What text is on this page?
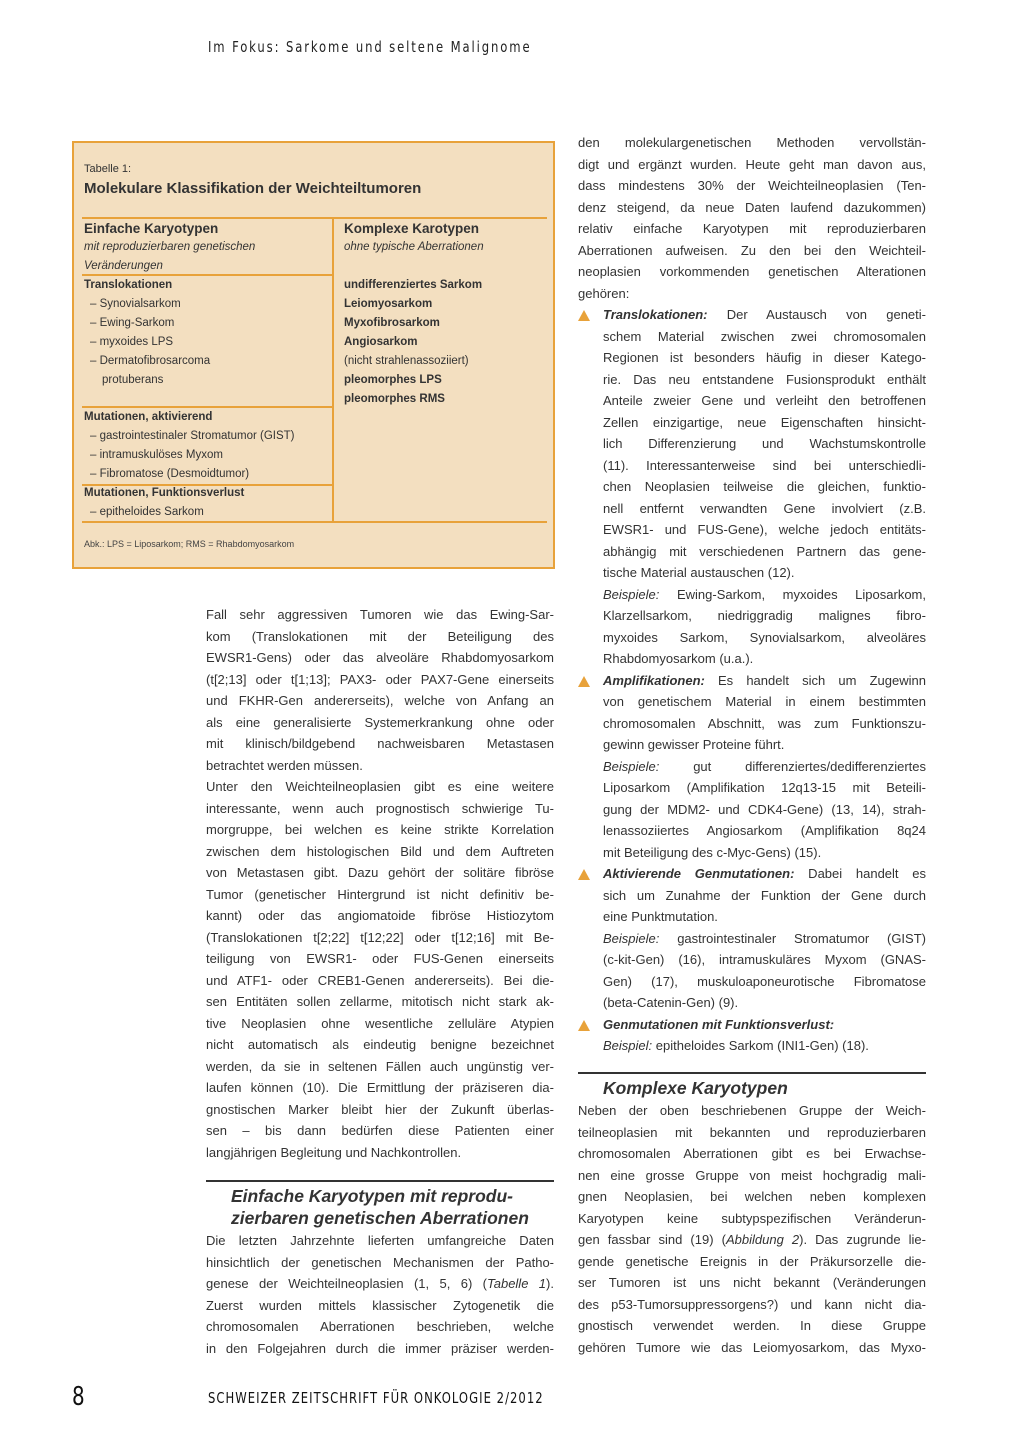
Im Fokus: Sarkome und seltene Malignome
Tabelle 1:
Molekulare Klassifikation der Weichteiltumoren
Einfache Karyotypen
mit reproduzierbaren genetischen
Veränderungen
Komplexe Karotypen
ohne typische Aberrationen
Translokationen
– Synovialsarkom
– Ewing-Sarkom
– myxoides LPS
– Dermatofibrosarcoma
protuberans
Mutationen, aktivierend
– gastrointestinaler Stromatumor (GIST)
– intramuskulöses Myxom
– Fibromatose (Desmoidtumor)
Mutationen, Funktionsverlust
– epitheloides Sarkom
undifferenziertes Sarkom
Leiomyosarkom
Myxofibrosarkom
Angiosarkom
(nicht strahlenassoziiert)
pleomorphes LPS
pleomorphes RMS
Abk.: LPS = Liposarkom; RMS = Rhabdomyosarkom

Fall sehr aggressiven Tumoren wie das Ewing-Sar-

kom (Translokationen mit der Beteiligung des

EWSR1-Gens) oder das alveoläre Rhabdomyosarkom

(t[2;13] oder t[1;13]; PAX3- oder PAX7-Gene einerseits

und FKHR-Gen andererseits), welche von Anfang an

als eine generalisierte Systemerkrankung ohne oder

mit klinisch/bildgebend nachweisbaren Metastasen

betrachtet werden müssen.

Unter den Weichteilneoplasien gibt es eine weitere

interessante, wenn auch prognostisch schwierige Tu-

morgruppe, bei welchen es keine strikte Korrelation

zwischen dem histologischen Bild und dem Auftreten

von Metastasen gibt. Dazu gehört der solitäre fibröse

Tumor (genetischer Hintergrund ist nicht definitiv be-

kannt) oder das angiomatoide fibröse Histiozytom

(Translokationen t[2;22] t[12;22] oder t[12;16] mit Be-

teiligung von EWSR1- oder FUS-Genen einerseits

und ATF1- oder CREB1-Genen andererseits). Bei die-

sen Entitäten sollen zellarme, mitotisch nicht stark ak-

tive Neoplasien ohne wesentliche zelluläre Atypien

nicht automatisch als eindeutig benigne bezeichnet

werden, da sie in seltenen Fällen auch ungünstig ver-

laufen können (10). Die Ermittlung der präziseren dia-

gnostischen Marker bleibt hier der Zukunft überlas-

sen – bis dann bedürfen diese Patienten einer

langjährigen Begleitung und Nachkontrollen.

Einfache Karyotypen mit reprodu-
zierbaren genetischen Aberrationen

Die letzten Jahrzehnte lieferten umfangreiche Daten

hinsichtlich der genetischen Mechanismen der Patho-

genese der Weichteilneoplasien (1, 5, 6) (Tabelle 1).

Zuerst wurden mittels klassischer Zytogenetik die

chromosomalen Aberrationen beschrieben, welche

in den Folgejahren durch die immer präziser werden-

den molekulargenetischen Methoden vervollstän-

digt und ergänzt wurden. Heute geht man davon aus,

dass mindestens 30% der Weichteilneoplasien (Ten-

denz steigend, da neue Daten laufend dazukommen)

relativ einfache Karyotypen mit reproduzierbaren

Aberrationen aufweisen. Zu den bei den Weichteil-

neoplasien vorkommenden genetischen Alterationen

gehören:

Translokationen: Der Austausch von geneti-

schem Material zwischen zwei chromosomalen

Regionen ist besonders häufig in dieser Katego-

rie. Das neu entstandene Fusionsprodukt enthält

Anteile zweier Gene und verleiht den betroffenen

Zellen einzigartige, neue Eigenschaften hinsicht-

lich Differenzierung und Wachstumskontrolle

(11). Interessanterweise sind bei unterschiedli-

chen Neoplasien teilweise die gleichen, funktio-

nell entfernt verwandten Gene involviert (z.B.

EWSR1- und FUS-Gene), welche jedoch entitäts-

abhängig mit verschiedenen Partnern das gene-

tische Material austauschen (12).

Beispiele: Ewing-Sarkom, myxoides Liposarkom,

Klarzellsarkom, niedriggradig malignes fibro-

myxoides Sarkom, Synovialsarkom, alveoläres

Rhabdomyosarkom (u.a.).

Amplifikationen: Es handelt sich um Zugewinn

von genetischem Material in einem bestimmten

chromosomalen Abschnitt, was zum Funktionszu-

gewinn gewisser Proteine führt.

Beispiele: gut differenziertes/dedifferenziertes

Liposarkom (Amplifikation 12q13-15 mit Beteili-

gung der MDM2- und CDK4-Gene) (13, 14), strah-

lenassoziiertes Angiosarkom (Amplifikation 8q24

mit Beteiligung des c-Myc-Gens) (15).

Aktivierende Genmutationen: Dabei handelt es

sich um Zunahme der Funktion der Gene durch

eine Punktmutation.

Beispiele: gastrointestinaler Stromatumor (GIST)

(c-kit-Gen) (16), intramuskuläres Myxom (GNAS-

Gen) (17), muskuloaponeurotische Fibromatose

(beta-Catenin-Gen) (9).

Genmutationen mit Funktionsverlust:

Beispiel: epitheloides Sarkom (INI1-Gen) (18).

Komplexe Karyotypen

Neben der oben beschriebenen Gruppe der Weich-

teilneoplasien mit bekannten und reproduzierbaren

chromosomalen Aberrationen gibt es bei Erwachse-

nen eine grosse Gruppe von meist hochgradig mali-

gnen Neoplasien, bei welchen neben komplexen

Karyotypen keine subtypspezifischen Veränderun-

gen fassbar sind (19) (Abbildung 2). Das zugrunde lie-

gende genetische Ereignis in der Präkursorzelle die-

ser Tumoren ist uns nicht bekannt (Veränderungen

des p53-Tumorsuppressorgens?) und kann nicht dia-

gnostisch verwendet werden. In diese Gruppe

gehören Tumore wie das Leiomyosarkom, das Myxo-

8	SCHWEIZER ZEITSCHRIFT FÜR ONKOLOGIE 2/2012
